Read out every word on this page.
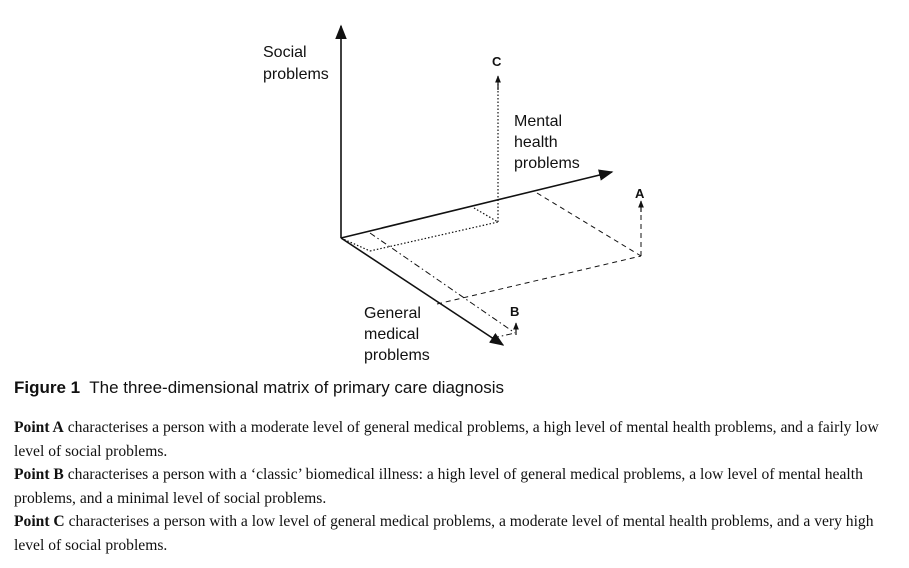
Social problems
Mental health problems
General medical problems
C
A
B

Figure 1 The three-dimensional matrix of primary care diagnosis

Point A characterises a person with a moderate level of general medical problems, a high level of mental health problems, and a fairly low level of social problems.

Point B characterises a person with a ‘classic’ biomedical illness: a high level of general medical problems, a low level of mental health problems, and a minimal level of social problems.

Point C characterises a person with a low level of general medical problems, a moderate level of mental health problems, and a very high level of social problems.
